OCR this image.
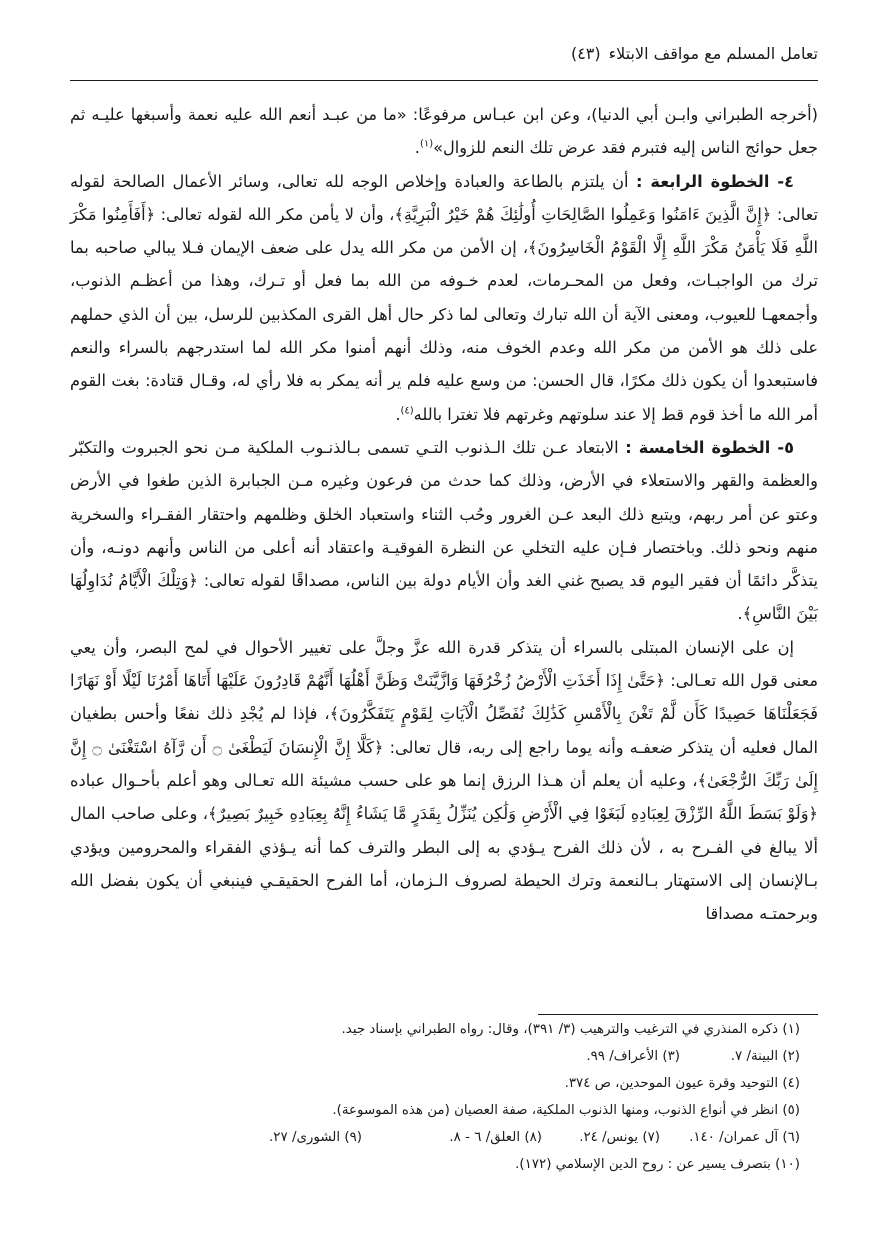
تعامل المسلم مع مواقف الابتلاء
(٤٣)

(أخرجه الطبراني وابـن أبي الدنيا)، وعن ابن عبـاس مرفوعًا: «ما من عبـد أنعم الله عليه نعمة وأسبغها عليـه ثم جعل حوائج الناس إليه فتبرم فقد عرض تلك النعم للزوال»$^{(١)}$.

٤- الخطوة الرابعة : أن يلتزم بالطاعة والعبادة وإخلاص الوجه لله تعالى، وسائر الأعمال الصالحة لقوله تعالى: ﴿إِنَّ الَّذِينَ ءَامَنُوا وَعَمِلُوا الصَّالِحَاتِ أُولَٰئِكَ هُمْ خَيْرُ الْبَرِيَّةِ﴾، وأن لا يأمن مكر الله لقوله تعالى: ﴿أَفَأَمِنُوا مَكْرَ اللَّهِ فَلَا يَأْمَنُ مَكْرَ اللَّهِ إِلَّا الْقَوْمُ الْخَاسِرُونَ﴾، إن الأمن من مكر الله يدل على ضعف الإيمان فـلا يبالي صاحبه بما ترك من الواجبـات، وفعل من المحـرمات، لعدم خـوفه من الله بما فعل أو تـرك، وهذا من أعظـم الذنوب، وأجمعهـا للعيوب، ومعنى الآية أن الله تبارك وتعالى لما ذكر حال أهل القرى المكذبين للرسل، بين أن الذي حملهم على ذلك هو الأمن من مكر الله وعدم الخوف منه، وذلك أنهم أمنوا مكر الله لما استدرجهم بالسراء والنعم فاستبعدوا أن يكون ذلك مكرًا، قال الحسن: من وسع عليه فلم ير أنه يمكر به فلا رأي له، وقـال قتادة: بغت القوم أمر الله ما أخذ قوم قط إلا عند سلوتهم وغرتهم فلا تغترا بالله$^{(٤)}$.

٥- الخطوة الخامسة : الابتعاد عـن تلك الـذنوب التـي تسمى بـالذنـوب الملكية مـن نحو الجبروت والتكبّر والعظمة والقهر والاستعلاء في الأرض، وذلك كما حدث من فرعون وغيره مـن الجبابرة الذين طغوا في الأرض وعتو عن أمر ربهم، ويتبع ذلك البعد عـن الغرور وحُب الثناء واستعباد الخلق وظلمهم واحتقار الفقـراء والسخرية منهم ونحو ذلك. وباختصار فـإن عليه التخلي عن النظرة الفوقيـة واعتقاد أنه أعلى من الناس وأنهم دونـه، وأن يتذكَّر دائمًا أن فقير اليوم قد يصبح غني الغد وأن الأيام دولة بين الناس، مصداقًا لقوله تعالى: ﴿وَتِلْكَ الْأَيَّامُ نُدَاوِلُهَا بَيْنَ النَّاسِ﴾.

إن على الإنسان المبتلى بالسراء أن يتذكر قدرة الله عزَّ وجلَّ على تغيير الأحوال في لمح البصر، وأن يعي معنى قول الله تعـالى: ﴿حَتَّىٰ إِذَا أَخَذَتِ الْأَرْضُ زُخْرُفَهَا وَازَّيَّنَتْ وَظَنَّ أَهْلُهَا أَنَّهُمْ قَادِرُونَ عَلَيْهَا أَتَاهَا أَمْرُنَا لَيْلًا أَوْ نَهَارًا فَجَعَلْنَاهَا حَصِيدًا كَأَن لَّمْ تَغْنَ بِالْأَمْسِ كَذَٰلِكَ نُفَصِّلُ الْآيَاتِ لِقَوْمٍ يَتَفَكَّرُونَ﴾، فإذا لم يُجْدِ ذلك نفعًا وأحس بطغيان المال فعليه أن يتذكر ضعفـه وأنه يوما راجع إلى ربه، قال تعالى: ﴿كَلَّا إِنَّ الْإِنسَانَ لَيَطْغَىٰ ۝ أَن رَّآهُ اسْتَغْنَىٰ ۝ إِنَّ إِلَىٰ رَبِّكَ الرُّجْعَىٰ﴾، وعليه أن يعلم أن هـذا الرزق إنما هو على حسب مشيئة الله تعـالى وهو أعلم بأحـوال عباده ﴿وَلَوْ بَسَطَ اللَّهُ الرِّزْقَ لِعِبَادِهِ لَبَغَوْا فِي الْأَرْضِ وَلَٰكِن يُنَزِّلُ بِقَدَرٍ مَّا يَشَاءُ إِنَّهُ بِعِبَادِهِ خَبِيرٌ بَصِيرٌ﴾، وعلى صاحب المال ألا يبالغ في الفـرح به ، لأن ذلك الفرح يـؤدي به إلى البطر والترف كما أنه يـؤذي الفقراء والمحرومين ويؤدي بـالإنسان إلى الاستهتار بـالنعمة وترك الحيطة لصروف الـزمان، أما الفرح الحقيقـي فينبغي أن يكون بفضل الله وبرحمتـه مصداقا

(١) ذكره المنذري في الترغيب والترهيب (٣/ ٣٩١)، وقال: رواه الطبراني بإسناد جيد.
(٢) البينة/ ٧.
(٣) الأعراف/ ٩٩.
(٤) التوحيد وقرة عيون الموحدين، ص ٣٧٤.
(٥) انظر في أنواع الذنوب، ومنها الذنوب الملكية، صفة العصيان (من هذه الموسوعة).
(٦) آل عمران/ ١٤٠.
(٧) يونس/ ٢٤.
(٨) العلق/ ٦ - ٨.
(٩) الشورى/ ٢٧.
(١٠) بتصرف يسير عن : روح الدين الإسلامي (١٧٢).
